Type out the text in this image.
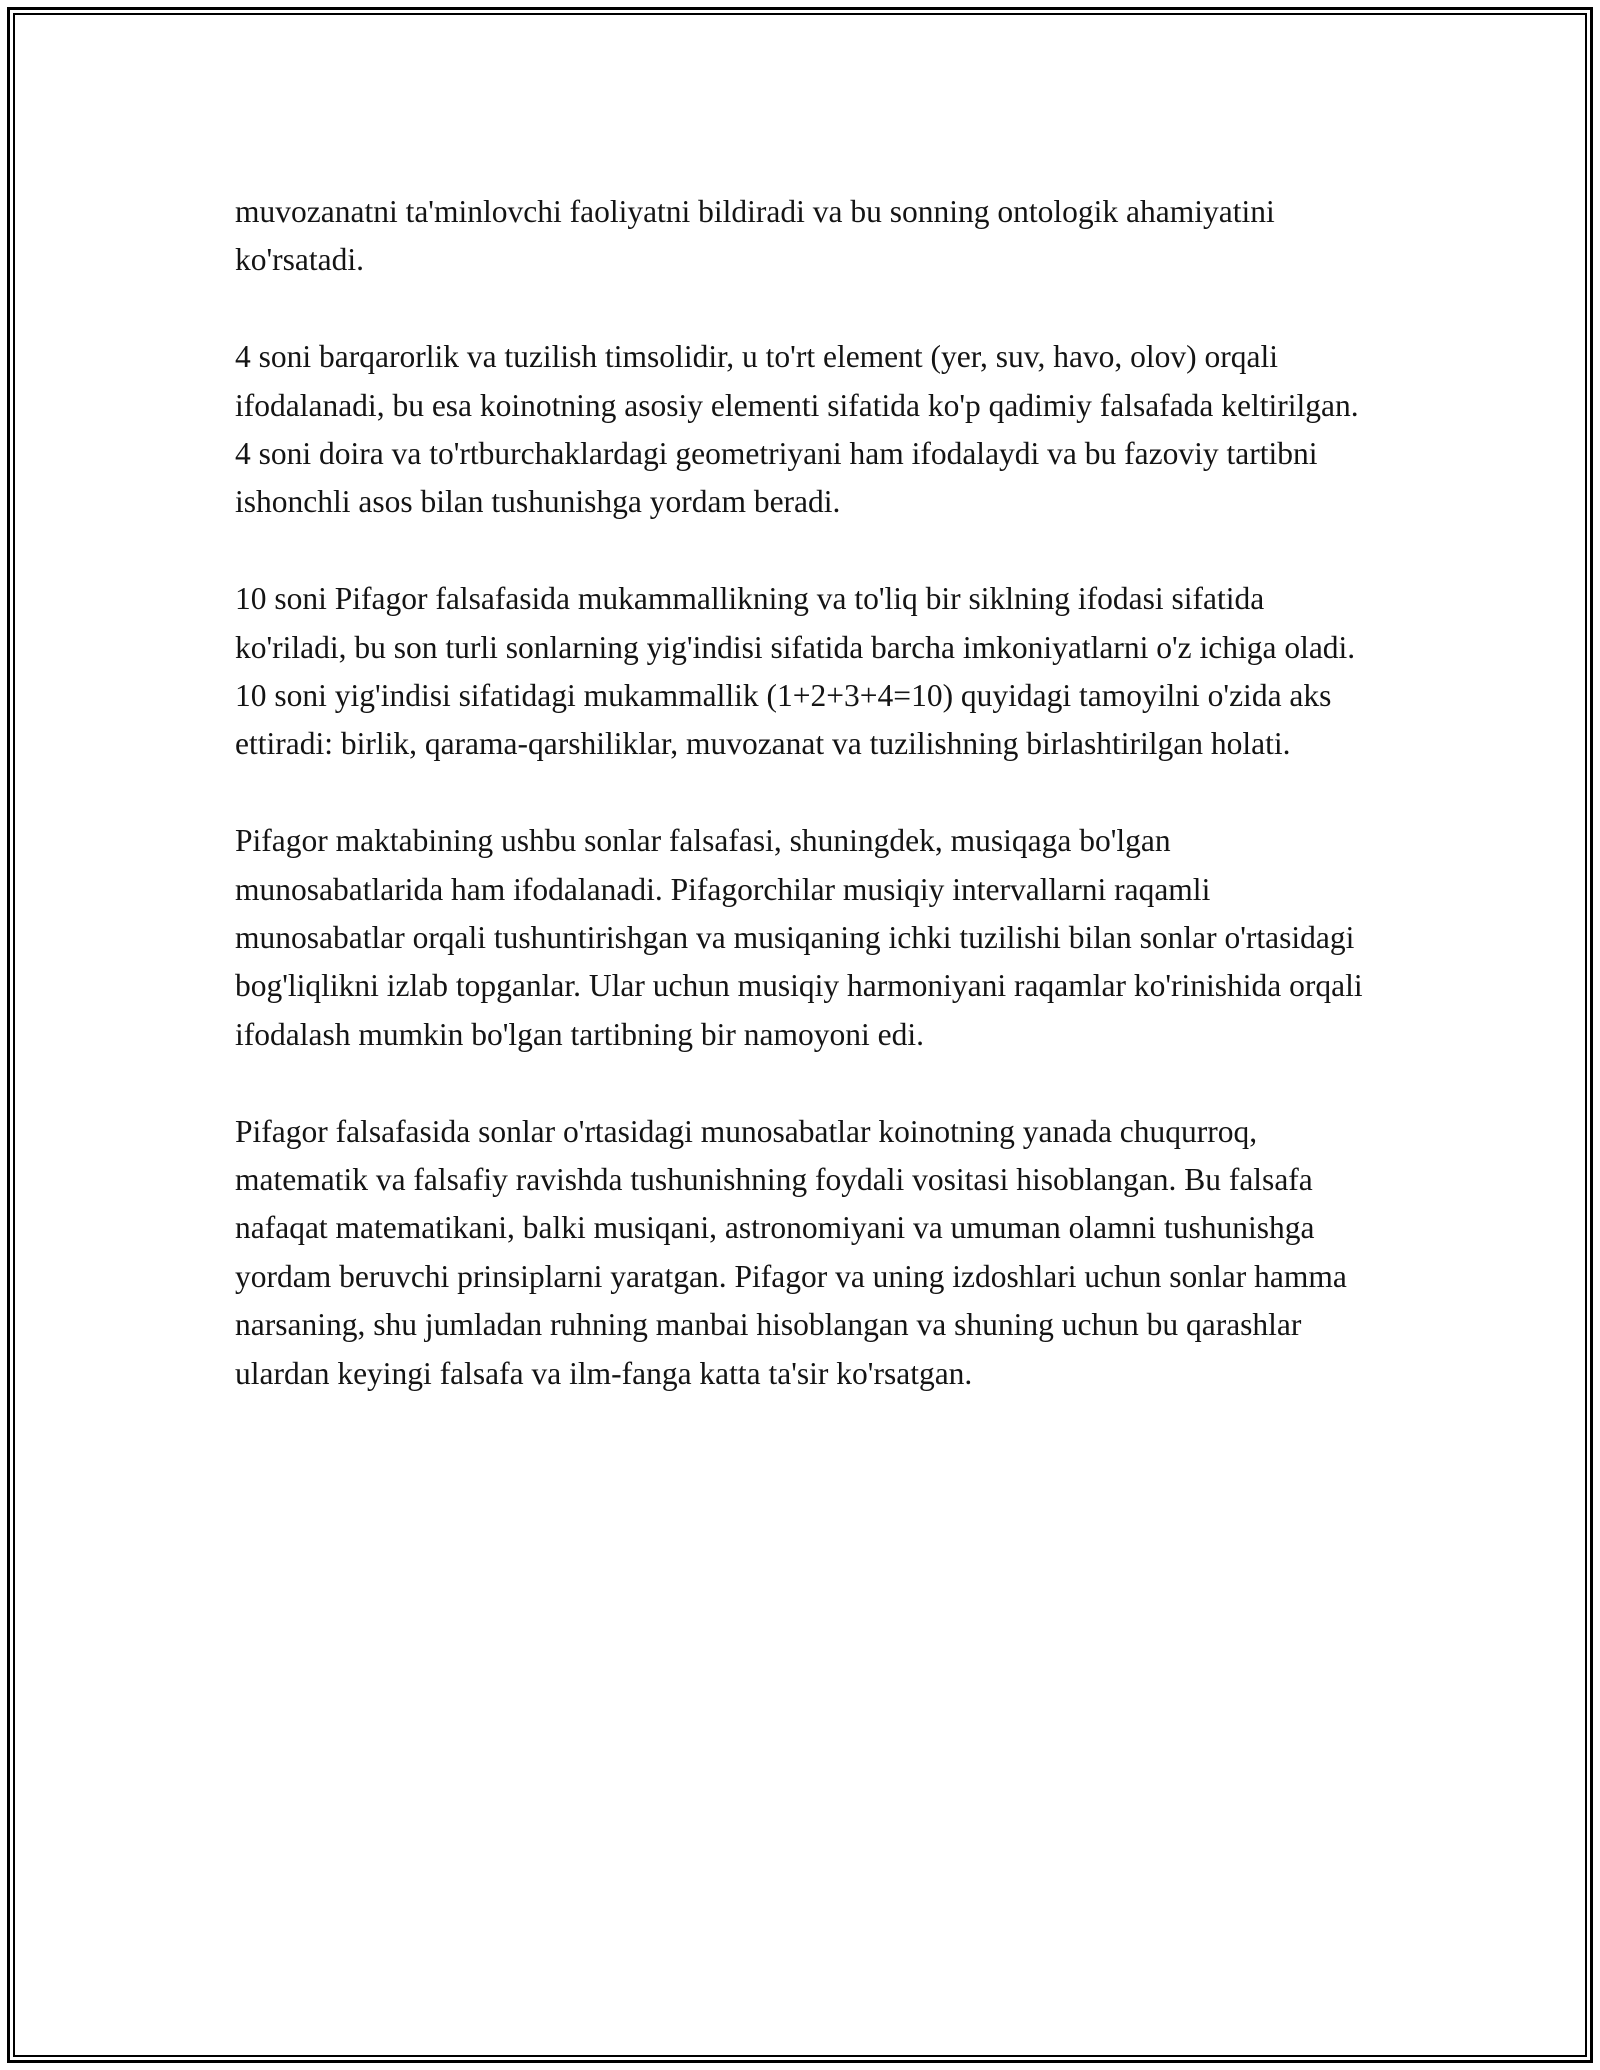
muvozanatni ta'minlovchi faoliyatni bildiradi va bu sonning ontologik ahamiyatini ko'rsatadi.

4 soni barqarorlik va tuzilish timsolidir, u to'rt element (yer, suv, havo, olov) orqali ifodalanadi, bu esa koinotning asosiy elementi sifatida ko'p qadimiy falsafada keltirilgan. 4 soni doira va to'rtburchaklardagi geometriyani ham ifodalaydi va bu fazoviy tartibni ishonchli asos bilan tushunishga yordam beradi.

10 soni Pifagor falsafasida mukammallikning va to'liq bir siklning ifodasi sifatida ko'riladi, bu son turli sonlarning yig'indisi sifatida barcha imkoniyatlarni o'z ichiga oladi. 10 soni yig'indisi sifatidagi mukammallik (1+2+3+4=10) quyidagi tamoyilni o'zida aks ettiradi: birlik, qarama-qarshiliklar, muvozanat va tuzilishning birlashtirilgan holati.

Pifagor maktabining ushbu sonlar falsafasi, shuningdek, musiqaga bo'lgan munosabatlarida ham ifodalanadi. Pifagorchilar musiqiy intervallarni raqamli munosabatlar orqali tushuntirishgan va musiqaning ichki tuzilishi bilan sonlar o'rtasidagi bog'liqlikni izlab topganlar. Ular uchun musiqiy harmoniyani raqamlar ko'rinishida orqali ifodalash mumkin bo'lgan tartibning bir namoyoni edi.

Pifagor falsafasida sonlar o'rtasidagi munosabatlar koinotning yanada chuqurroq, matematik va falsafiy ravishda tushunishning foydali vositasi hisoblangan. Bu falsafa nafaqat matematikani, balki musiqani, astronomiyani va umuman olamni tushunishga yordam beruvchi prinsiplarni yaratgan. Pifagor va uning izdoshlari uchun sonlar hamma narsaning, shu jumladan ruhning manbai hisoblangan va shuning uchun bu qarashlar ulardan keyingi falsafa va ilm-fanga katta ta'sir ko'rsatgan.
